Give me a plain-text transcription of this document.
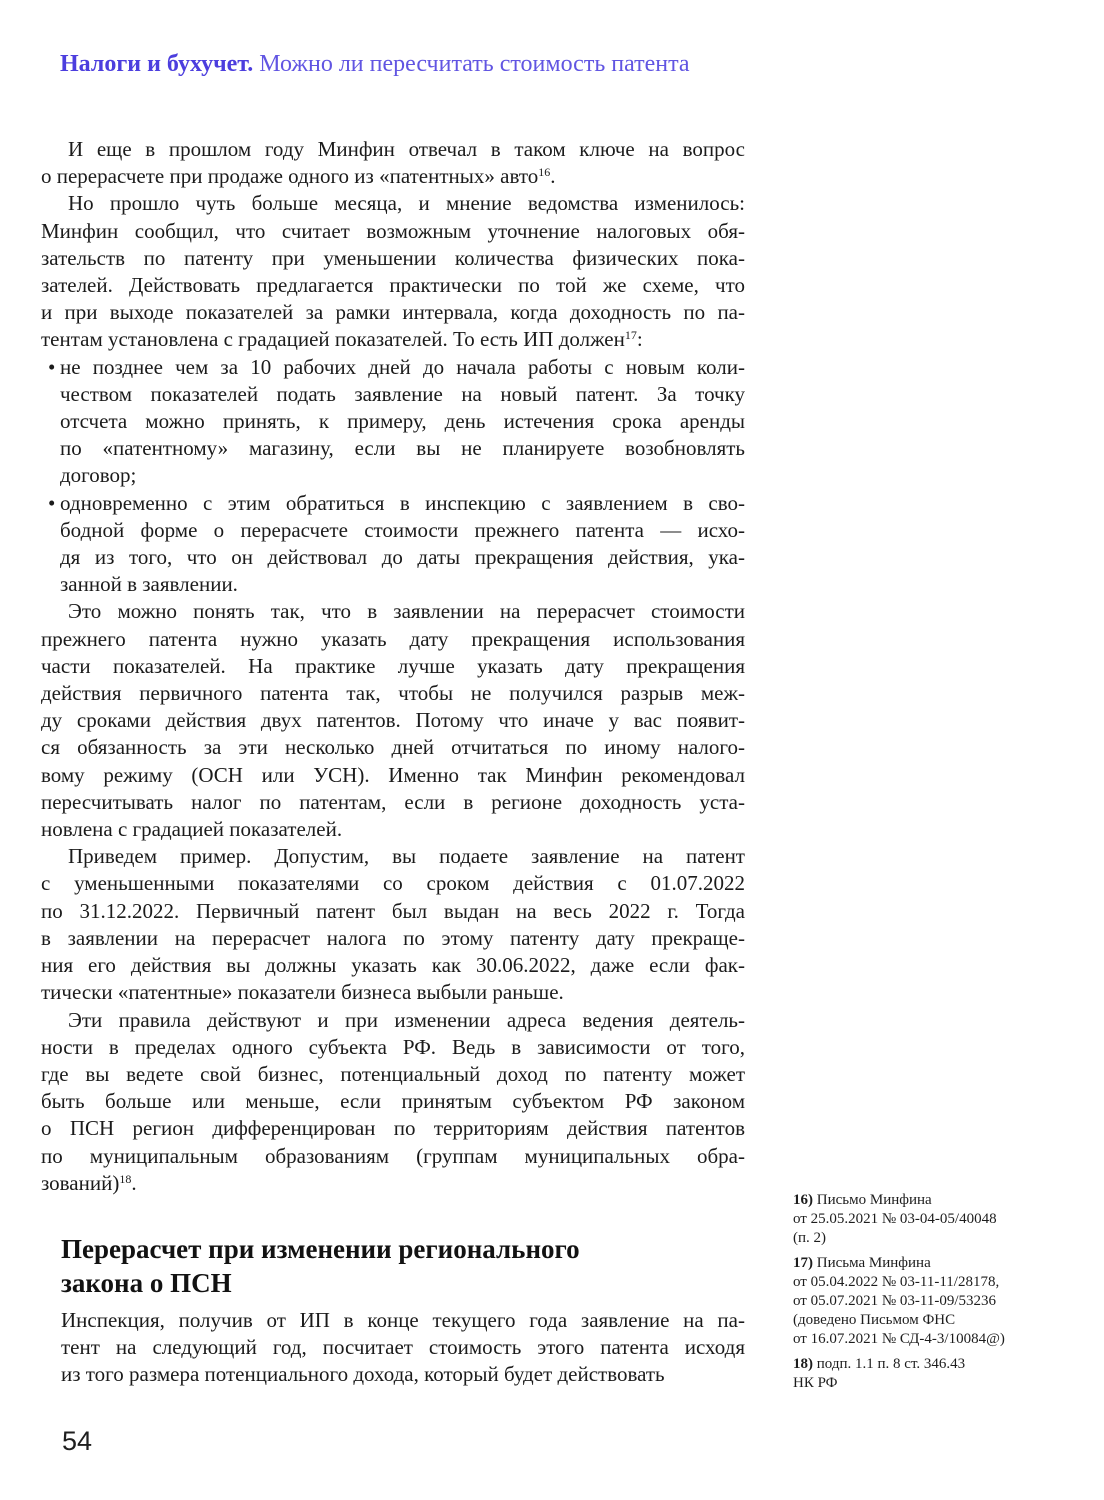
Налоги и бухучет. Можно ли пересчитать стоимость патента
И еще в прошлом году Минфин отвечал в таком ключе на вопрос
о перерасчете при продаже одного из «патентных» авто$^{16}$.
Но прошло чуть больше месяца, и мнение ведомства изменилось:
Минфин сообщил, что считает возможным уточнение налоговых обя-
зательств по патенту при уменьшении количества физических пока-
зателей. Действовать предлагается практически по той же схеме, что
и при выходе показателей за рамки интервала, когда доходность по па-
тентам установлена с градацией показателей. То есть ИП должен$^{17}$:
• не позднее чем за 10 рабочих дней до начала работы с новым коли-
чеством показателей подать заявление на новый патент. За точку
отсчета можно принять, к примеру, день истечения срока аренды
по «патентному» магазину, если вы не планируете возобновлять
договор;
• одновременно с этим обратиться в инспекцию с заявлением в сво-
бодной форме о перерасчете стоимости прежнего патента — исхо-
дя из того, что он действовал до даты прекращения действия, ука-
занной в заявлении.
Это можно понять так, что в заявлении на перерасчет стоимости
прежнего патента нужно указать дату прекращения использования
части показателей. На практике лучше указать дату прекращения
действия первичного патента так, чтобы не получился разрыв меж-
ду сроками действия двух патентов. Потому что иначе у вас появит-
ся обязанность за эти несколько дней отчитаться по иному налого-
вому режиму (ОСН или УСН). Именно так Минфин рекомендовал
пересчитывать налог по патентам, если в регионе доходность уста-
новлена с градацией показателей.
Приведем пример. Допустим, вы подаете заявление на патент
с уменьшенными показателями со сроком действия с 01.07.2022
по 31.12.2022. Первичный патент был выдан на весь 2022 г. Тогда
в заявлении на перерасчет налога по этому патенту дату прекраще-
ния его действия вы должны указать как 30.06.2022, даже если фак-
тически «патентные» показатели бизнеса выбыли раньше.
Эти правила действуют и при изменении адреса ведения деятель-
ности в пределах одного субъекта РФ. Ведь в зависимости от того,
где вы ведете свой бизнес, потенциальный доход по патенту может
быть больше или меньше, если принятым субъектом РФ законом
о ПСН регион дифференцирован по территориям действия патентов
по муниципальным образованиям (группам муниципальных обра-
зований)$^{18}$.
Перерасчет при изменении регионального
закона о ПСН
Инспекция, получив от ИП в конце текущего года заявление на па-
тент на следующий год, посчитает стоимость этого патента исходя
из того размера потенциального дохода, который будет действовать
16) Письмо Минфина
от 25.05.2021 № 03-04-05/40048
(п. 2)
17) Письма Минфина
от 05.04.2022 № 03-11-11/28178,
от 05.07.2021 № 03-11-09/53236
(доведено Письмом ФНС
от 16.07.2021 № СД-4-3/10084@)
18) подп. 1.1 п. 8 ст. 346.43
НК РФ
54
